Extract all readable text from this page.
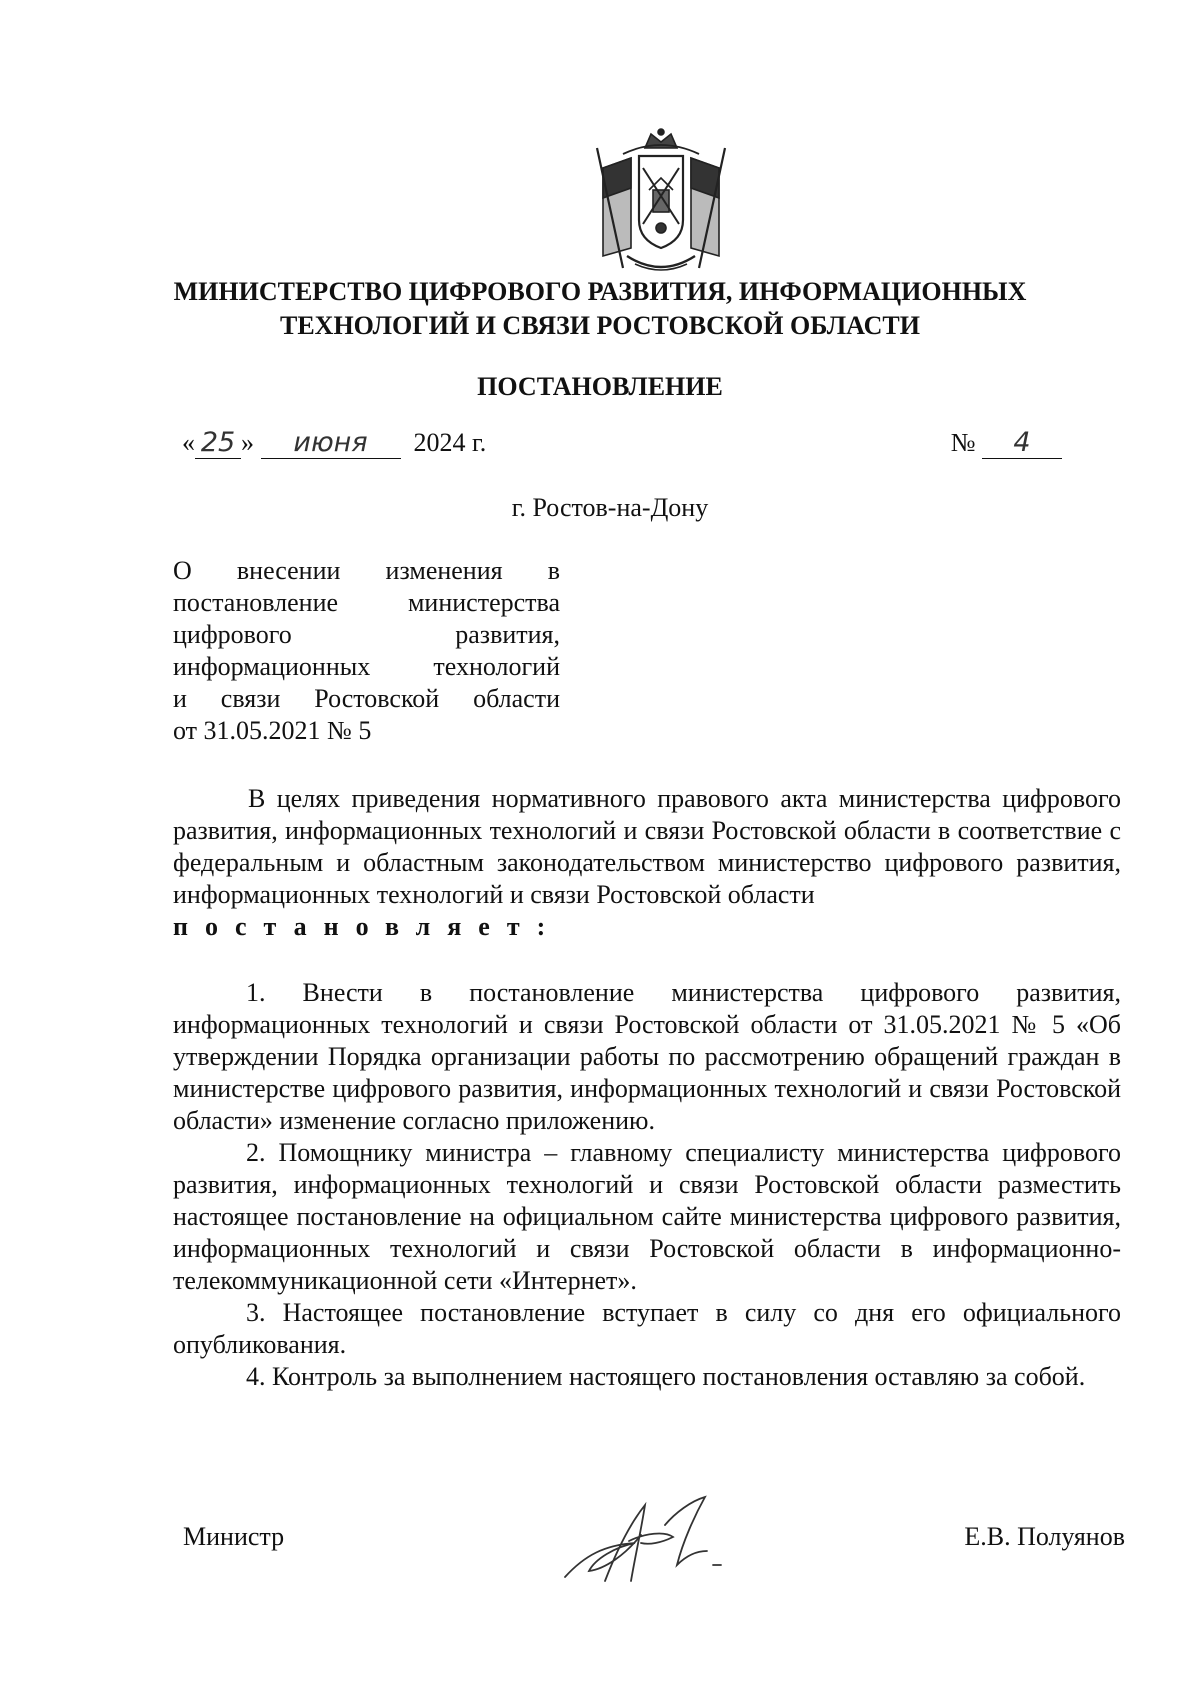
МИНИСТЕРСТВО ЦИФРОВОГО РАЗВИТИЯ, ИНФОРМАЦИОННЫХ
ТЕХНОЛОГИЙ И СВЯЗИ РОСТОВСКОЙ ОБЛАСТИ
ПОСТАНОВЛЕНИЕ
« 25 » июня 2024 г.	№ 4
г. Ростов-на-Дону
О внесении изменения в
постановление министерства
цифрового развития,
информационных технологий
и связи Ростовской области
от 31.05.2021 № 5

В целях приведения нормативного правового акта министерства цифрового развития, информационных технологий и связи Ростовской области в соответствие с федеральным и областным законодательством министерство цифрового развития, информационных технологий и связи Ростовской области

постановляет:

1. Внести в постановление министерства цифрового развития, информационных технологий и связи Ростовской области от 31.05.2021 № 5 «Об утверждении Порядка организации работы по рассмотрению обращений граждан в министерстве цифрового развития, информационных технологий и связи Ростовской области» изменение согласно приложению.

2. Помощнику министра – главному специалисту министерства цифрового развития, информационных технологий и связи Ростовской области разместить настоящее постановление на официальном сайте министерства цифрового развития, информационных технологий и связи Ростовской области в информационно-телекоммуникационной сети «Интернет».

3. Настоящее постановление вступает в силу со дня его официального опубликования.

4. Контроль за выполнением настоящего постановления оставляю за собой.

Министр	Е.В. Полуянов
